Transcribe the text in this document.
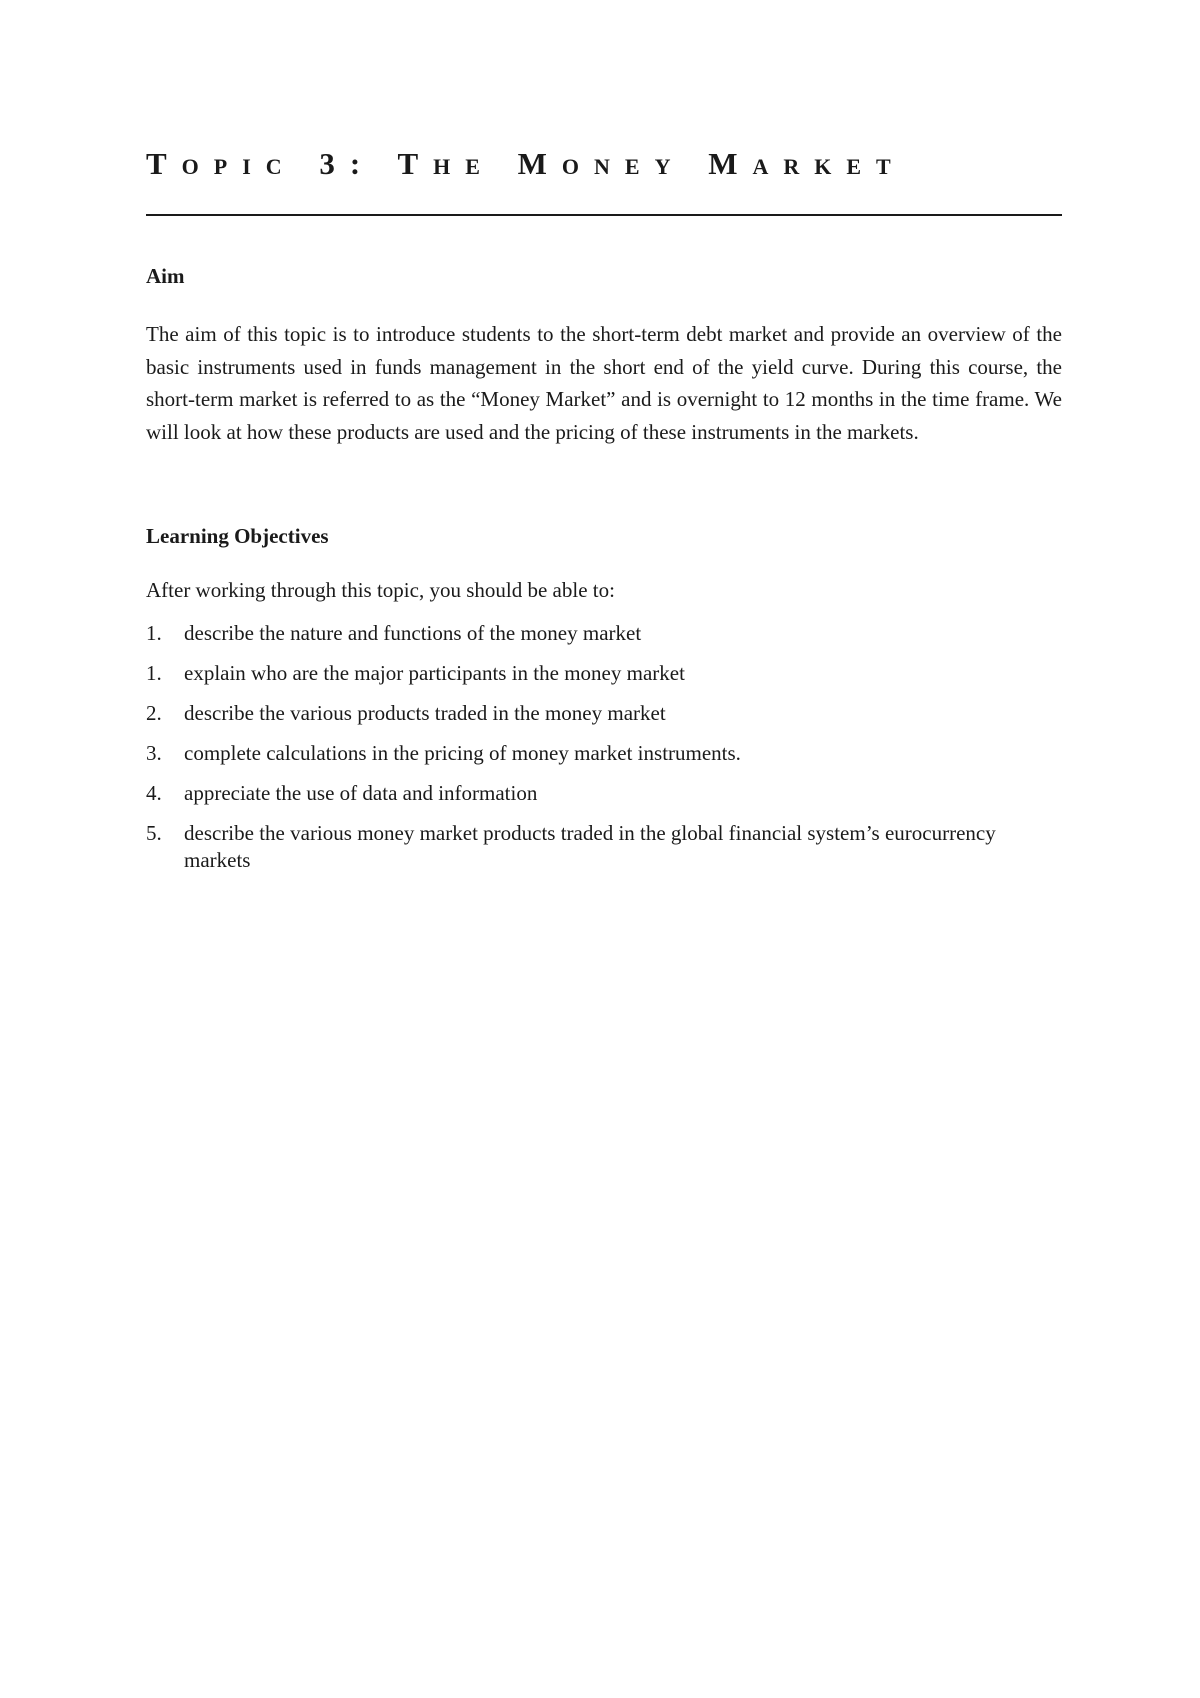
Topic 3: The Money Market
Aim

The aim of this topic is to introduce students to the short-term debt market and provide an overview of the basic instruments used in funds management in the short end of the yield curve. During this course, the short-term market is referred to as the “Money Market” and is overnight to 12 months in the time frame. We will look at how these products are used and the pricing of these instruments in the markets.

Learning Objectives

After working through this topic, you should be able to:

1.	describe the nature and functions of the money market
1.	explain who are the major participants in the money market
2.	describe the various products traded in the money market
3.	complete calculations in the pricing of money market instruments.
4.	appreciate the use of data and information
5.	describe the various money market products traded in the global financial system’s eurocurrency markets
